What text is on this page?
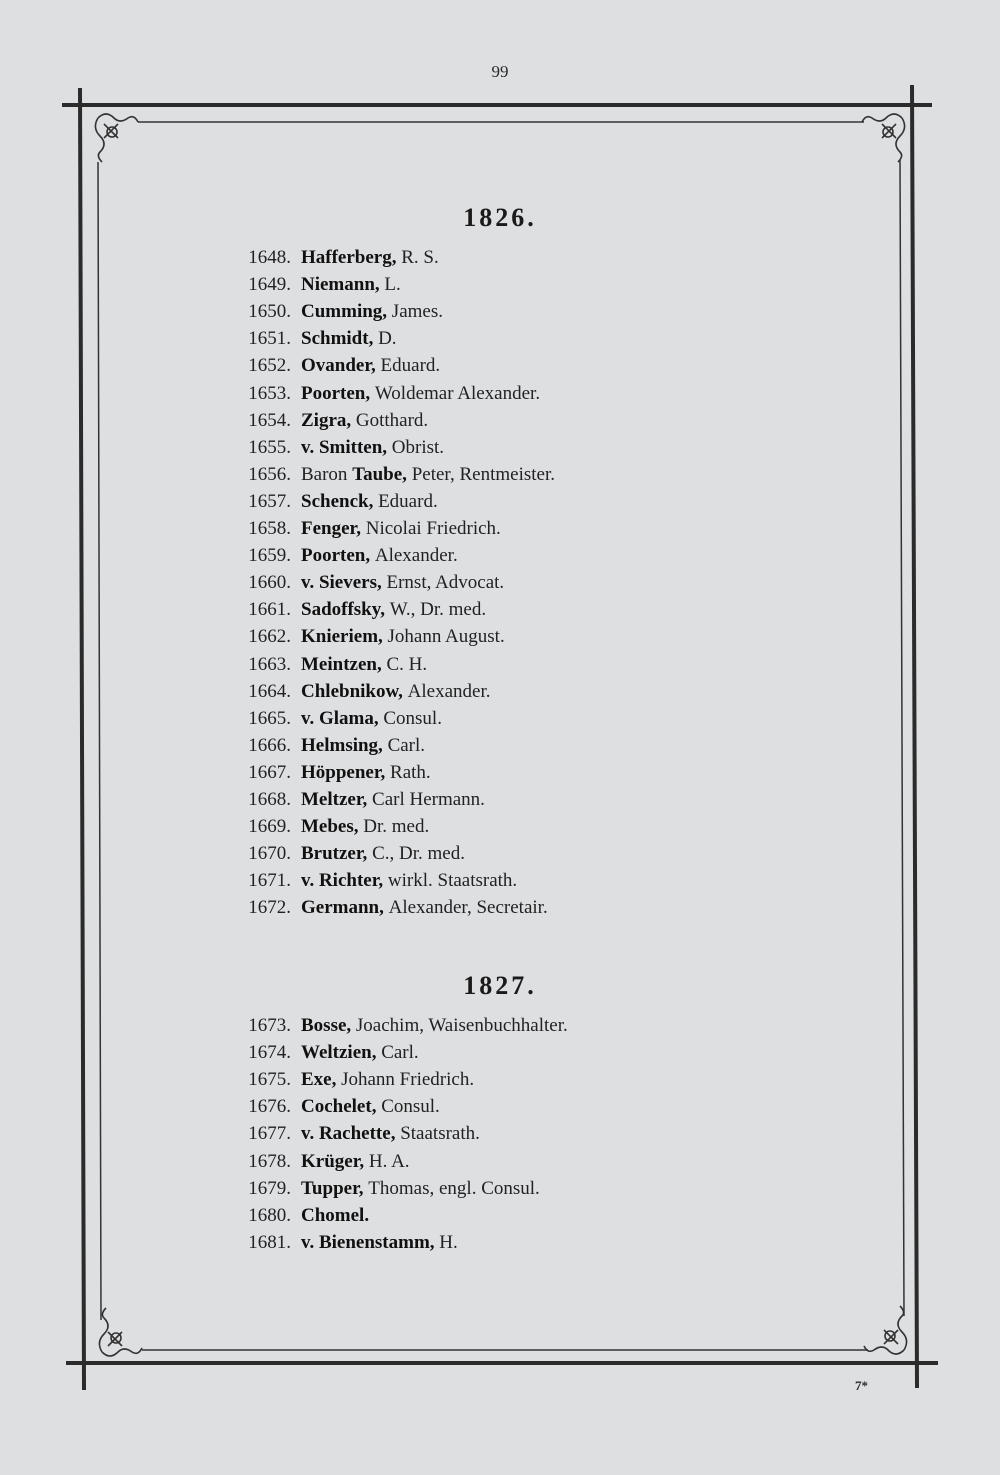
99
1826.
1648. Hafferberg,
R. S.
1649. Niemann,
L.
1650. Cumming,
James.
1651. Schmidt,
D.
1652. Ovander,
Eduard.
1653. Poorten,
Woldemar Alexander.
1654. Zigra,
Gotthard.
1655. v. Smitten,
Obrist.
1656. Baron
Taube,
Peter, Rentmeister.
1657. Schenck,
Eduard.
1658. Fenger,
Nicolai Friedrich.
1659. Poorten,
Alexander.
1660. v. Sievers,
Ernst, Advocat.
1661. Sadoffsky,
W., Dr. med.
1662. Knieriem,
Johann August.
1663. Meintzen,
C. H.
1664. Chlebnikow,
Alexander.
1665. v. Glama,
Consul.
1666. Helmsing,
Carl.
1667. Höppener,
Rath.
1668. Meltzer,
Carl Hermann.
1669. Mebes,
Dr. med.
1670. Brutzer,
C., Dr. med.
1671. v. Richter,
wirkl. Staatsrath.
1672. Germann,
Alexander, Secretair.
1827.
1673. Bosse,
Joachim, Waisenbuchhalter.
1674. Weltzien,
Carl.
1675. Exe,
Johann Friedrich.
1676. Cochelet,
Consul.
1677. v. Rachette,
Staatsrath.
1678. Krüger,
H. A.
1679. Tupper,
Thomas, engl. Consul.
1680. Chomel.

1681. v. Bienenstamm,
H.
7*
